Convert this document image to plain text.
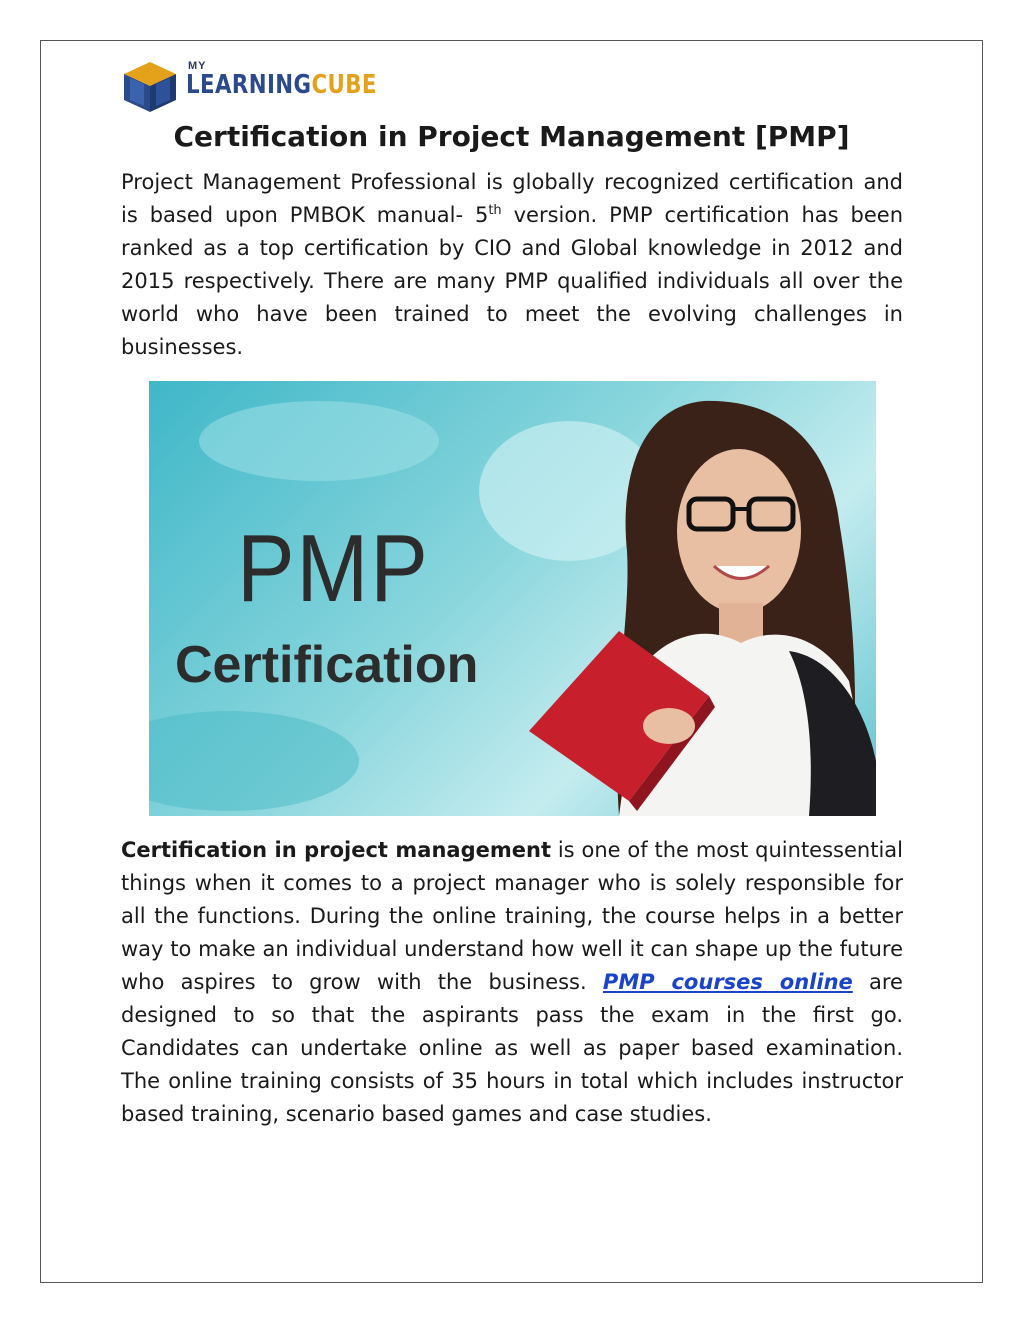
MY
LEARNINGCUBE
Certification in Project Management [PMP]

Project Management Professional is globally recognized certification and is based upon PMBOK manual- 5th version. PMP certification has been ranked as a top certification by CIO and Global knowledge in 2012 and 2015 respectively. There are many PMP qualified individuals all over the world who have been trained to meet the evolving challenges in businesses.

PMP
Certification

Certification in project management is one of the most quintessential things when it comes to a project manager who is solely responsible for all the functions. During the online training, the course helps in a better way to make an individual understand how well it can shape up the future who aspires to grow with the business. PMP courses online are designed to so that the aspirants pass the exam in the first go. Candidates can undertake online as well as paper based examination. The online training consists of 35 hours in total which includes instructor based training, scenario based games and case studies.
